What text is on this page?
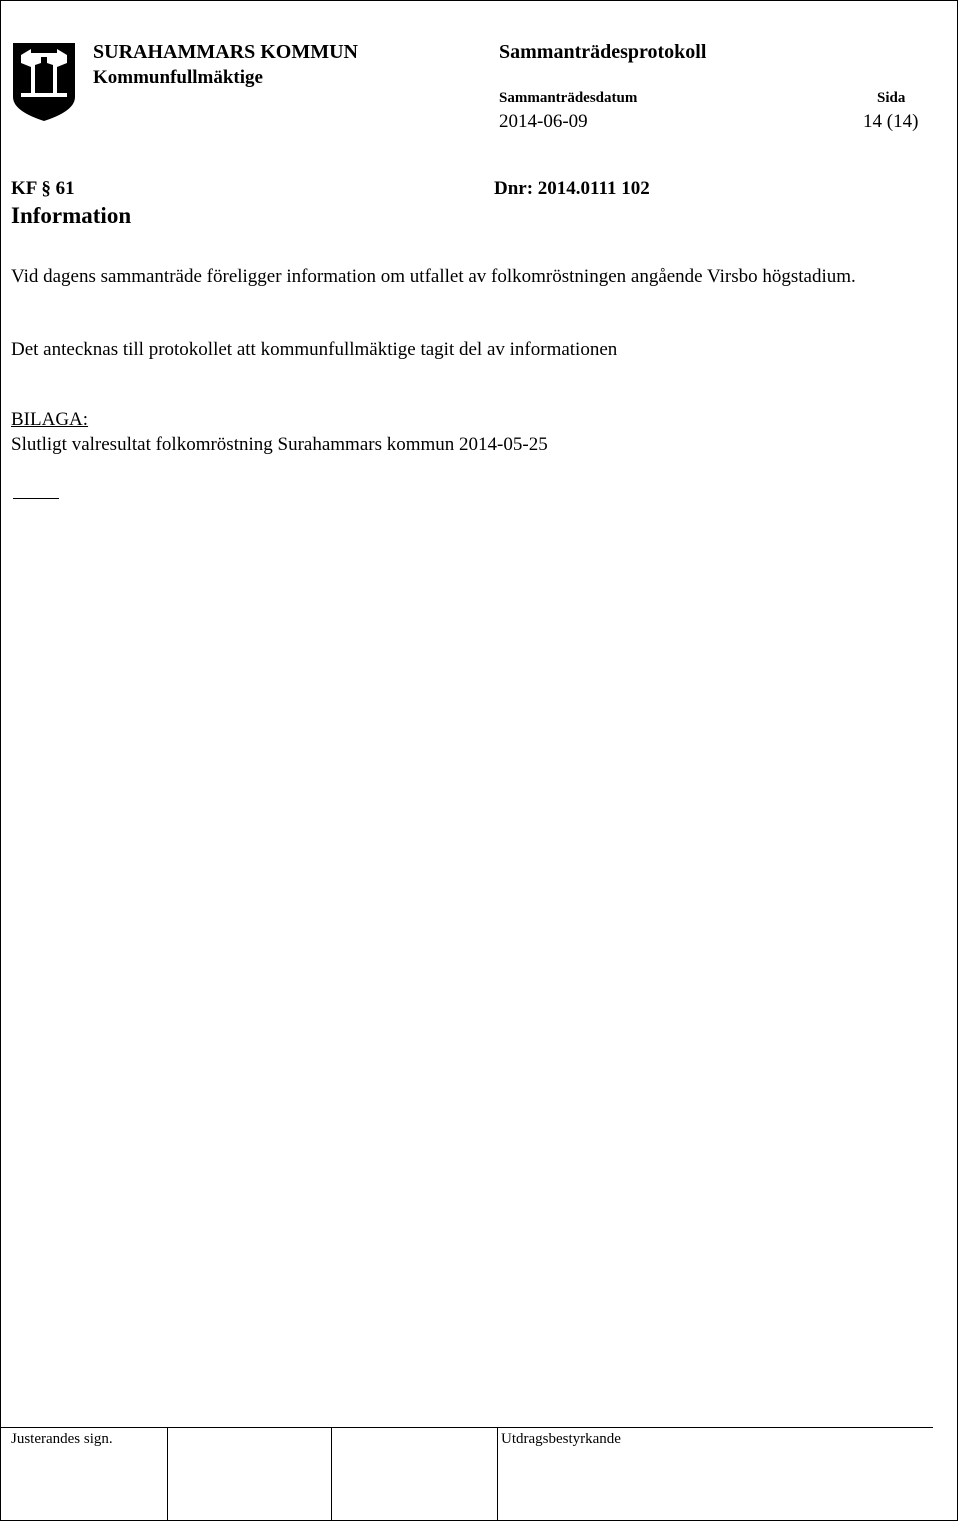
SURAHAMMARS KOMMUN
Kommunfullmäktige
Sammanträdesprotokoll
Sammanträdesdatum
2014-06-09
Sida
14 (14)
KF § 61	Dnr: 2014.0111 102
Information
Vid dagens sammanträde föreligger information om utfallet av folkomröstningen angående Virsbo högstadium.
Det antecknas till protokollet att kommunfullmäktige tagit del av informationen
BILAGA:
Slutligt valresultat folkomröstning Surahammars kommun 2014-05-25
Justerandes sign.	Utdragsbestyrkande
